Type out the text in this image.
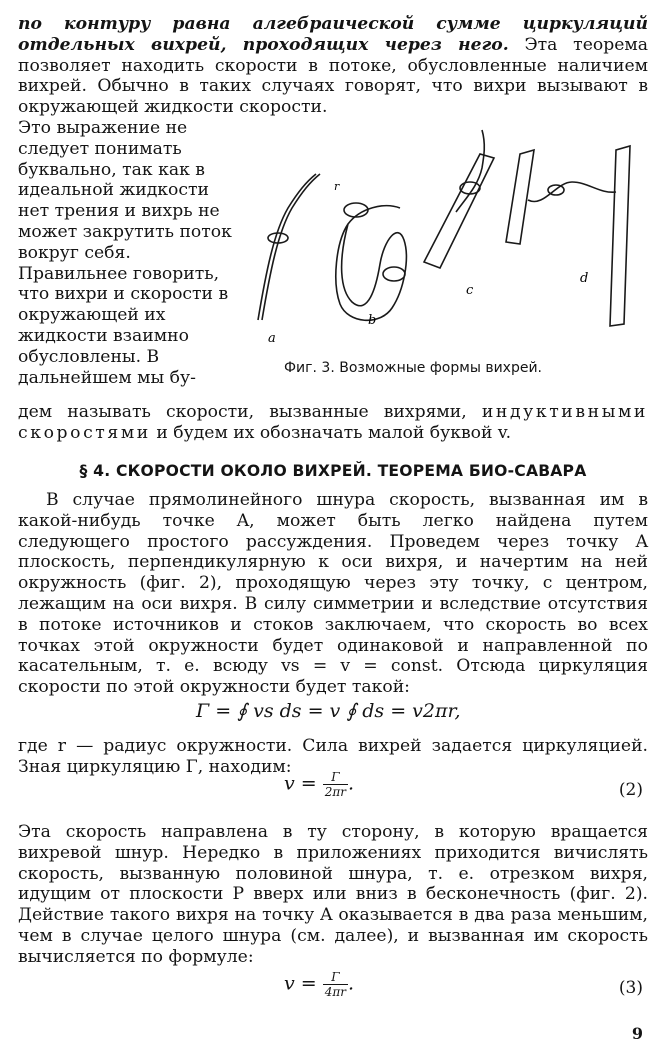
по контуру равна алгебраической сумме циркуляций отдельных вихрей, проходящих через него. Эта теорема позволяет находить скорости в потоке, обусловленные наличием вихрей. Обычно в таких случаях говорят, что вихри вызывают в окружающей жидкости скорости.

Это выражение не следует понимать буквально, так как в идеальной жидкости нет трения и вихрь не может закрутить поток вокруг себя. Правильнее говорить, что вихри и скорости в окружающей их жидкости взаимно обусловлены. В дальнейшем мы бу-

a
b
c
d
r

Фиг. 3. Возможные формы вихрей.

дем называть скорости, вызванные вихрями, индуктивными скоростями и будем их обозначать малой буквой v.

§ 4. СКОРОСТИ ОКОЛО ВИХРЕЙ. ТЕОРЕМА БИО-САВАРА

В случае прямолинейного шнура скорость, вызванная им в какой-нибудь точке A, может быть легко найдена путем следующего простого рассуждения. Проведем через точку A плоскость, перпендикулярную к оси вихря, и начертим на ней окружность (фиг. 2), проходящую через эту точку, с центром, лежащим на оси вихря. В силу симметрии и вследствие отсутствия в потоке источников и стоков заключаем, что скорость во всех точках этой окружности будет одинаковой и направленной по касательным, т. е. всюду vs = v = const. Отсюда циркуляция скорости по этой окружности будет такой:

Γ = ∮ vs ds = v ∮ ds = v2πr,

где r — радиус окружности. Сила вихрей задается циркуляцией. Зная циркуляцию Γ, находим:

$v = \frac{\Gamma}{2\pi r}$ .	(2)

Эта скорость направлена в ту сторону, в которую вращается вихревой шнур. Нередко в приложениях приходится вичислять скорость, вызванную половиной шнура, т. е. отрезком вихря, идущим от плоскости P вверх или вниз в бесконечность (фиг. 2). Действие такого вихря на точку A оказывается в два раза меньшим, чем в случае целого шнура (см. далее), и вызванная им скорость вычисляется по формуле:

$v = \frac{\Gamma}{4\pi r}$ .	(3)

9
